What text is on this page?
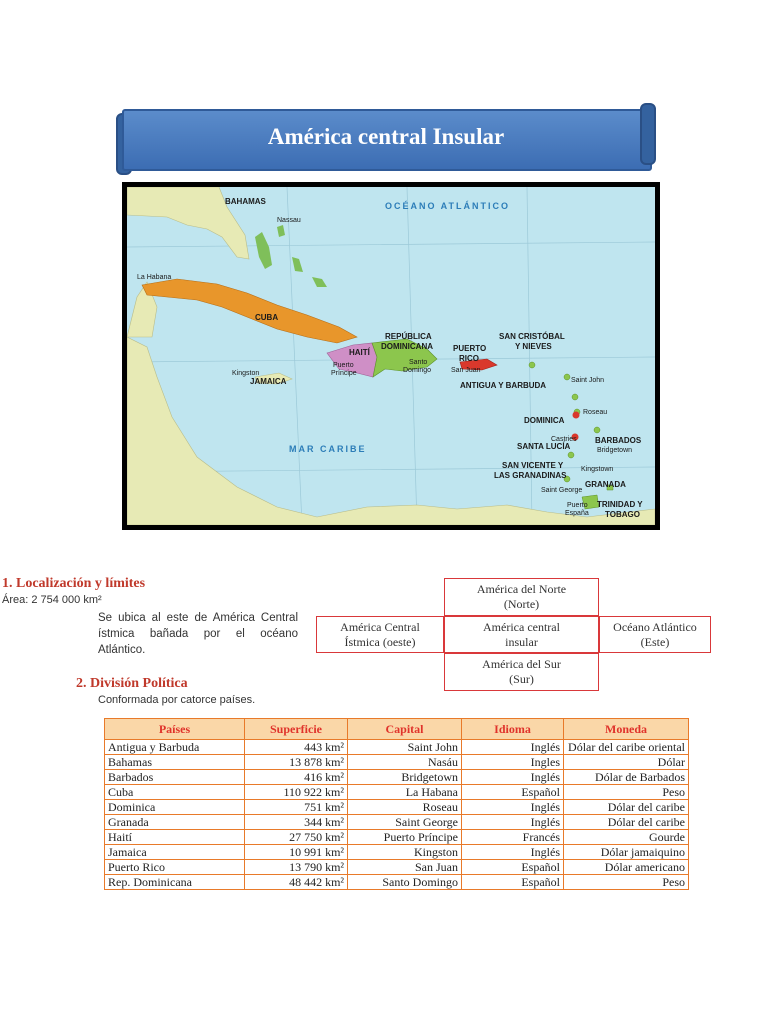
América central Insular
OCÉANO ATLÁNTICO
MAR CARIBE
BAHAMAS
Nassau
La Habana
CUBA
Kingston
JAMAICA
HAITÍ
Puerto
Príncipe
REPÚBLICA
DOMINICANA
Santo
Domingo
PUERTO
RICO
San Juan
SAN CRISTÓBAL
Y NIEVES
Saint John
ANTIGUA Y BARBUDA
Roseau
DOMINICA
Castries
SANTA LUCÍA
BARBADOS
Bridgetown
SAN VICENTE Y
LAS GRANADINAS
Kingstown
GRANADA
Saint George
Puerto
España
TRINIDAD Y
TOBAGO
1. Localización y límites
Área: 2 754 000 km²
Se ubica al este de América Central ístmica bañada por el océano Atlántico.
América del Norte
(Norte)
América Central
Ístmica (oeste)
América central
insular
Océano Atlántico
(Este)
América del Sur
(Sur)
2. División Política
Conformada por catorce países.
Países	Superficie	Capital	Idioma	Moneda
Antigua y Barbuda	443 km²	Saint John	Inglés	Dólar del caribe oriental
Bahamas	13 878 km²	Nasáu	Ingles	Dólar
Barbados	416 km²	Bridgetown	Inglés	Dólar de Barbados
Cuba	110 922 km²	La Habana	Español	Peso
Dominica	751 km²	Roseau	Inglés	Dólar del caribe
Granada	344 km²	Saint George	Inglés	Dólar del caribe
Haití	27 750 km²	Puerto Príncipe	Francés	Gourde
Jamaica	10 991 km²	Kingston	Inglés	Dólar jamaiquino
Puerto Rico	13 790 km²	San Juan	Español	Dólar americano
Rep. Dominicana	48 442 km²	Santo Domingo	Español	Peso
